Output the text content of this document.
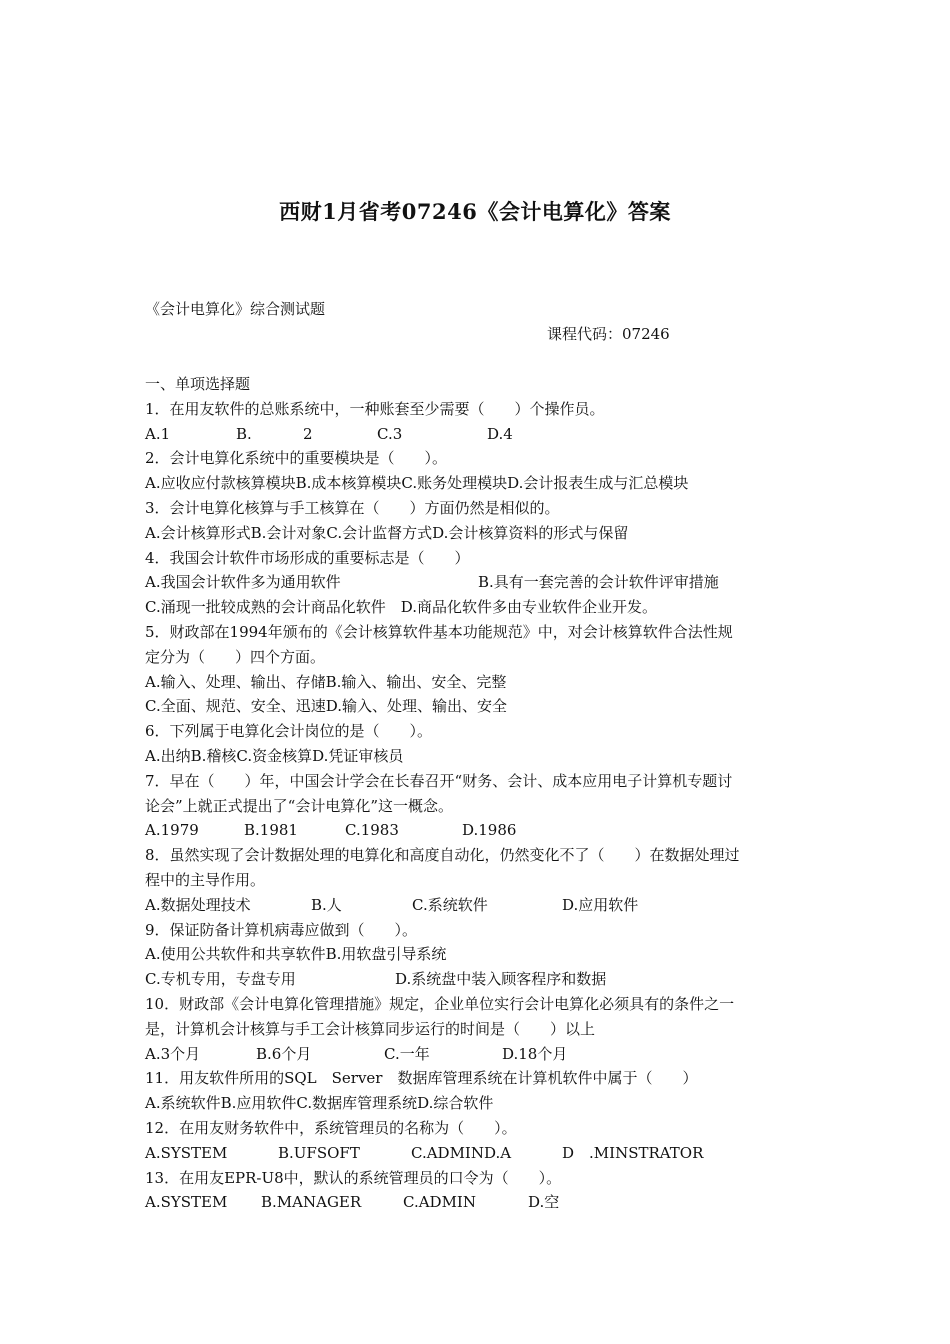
西财1月省考07246《会计电算化》答案
《会计电算化》综合测试题
课程代码：07246
一、单项选择题
1．在用友软件的总账系统中，一种账套至少需要（　　）个操作员。
A.1	B.	2	C.3	D.4
2．会计电算化系统中的重要模块是（　　）。
A.应收应付款核算模块B.成本核算模块C.账务处理模块D.会计报表生成与汇总模块
3．会计电算化核算与手工核算在（　　）方面仍然是相似的。
A.会计核算形式B.会计对象C.会计监督方式D.会计核算资料的形式与保留
4．我国会计软件市场形成的重要标志是（　　）
A.我国会计软件多为通用软件	B.具有一套完善的会计软件评审措施
C.涌现一批较成熟的会计商品化软件　D.商品化软件多由专业软件企业开发。
5．财政部在1994年颁布的《会计核算软件基本功能规范》中，对会计核算软件合法性规
定分为（　　）四个方面。
A.输入、处理、输出、存储B.输入、输出、安全、完整
C.全面、规范、安全、迅速D.输入、处理、输出、安全
6．下列属于电算化会计岗位的是（　　）。
A.出纳B.稽核C.资金核算D.凭证审核员
7．早在（　　）年，中国会计学会在长春召开“财务、会计、成本应用电子计算机专题讨
论会”上就正式提出了“会计电算化”这一概念。
A.1979	B.1981	C.1983	D.1986
8．虽然实现了会计数据处理的电算化和高度自动化，仍然变化不了（　　）在数据处理过
程中的主导作用。
A.数据处理技术	B.人	C.系统软件	D.应用软件
9．保证防备计算机病毒应做到（　　）。
A.使用公共软件和共享软件B.用软盘引导系统
C.专机专用，专盘专用	D.系统盘中装入顾客程序和数据
10．财政部《会计电算化管理措施》规定，企业单位实行会计电算化必须具有的条件之一
是，计算机会计核算与手工会计核算同步运行的时间是（　　）以上
A.3个月	B.6个月	C.一年	D.18个月
11．用友软件所用的SQL　Server　数据库管理系统在计算机软件中属于（　　）
A.系统软件B.应用软件C.数据库管理系统D.综合软件
12．在用友财务软件中，系统管理员的名称为（　　）。
A.SYSTEM	B.UFSOFT	C.ADMIND.A	D　.MINSTRATOR
13．在用友EPR-U8中，默认的系统管理员的口令为（　　）。
A.SYSTEM	B.MANAGER	C.ADMIN	D.空
